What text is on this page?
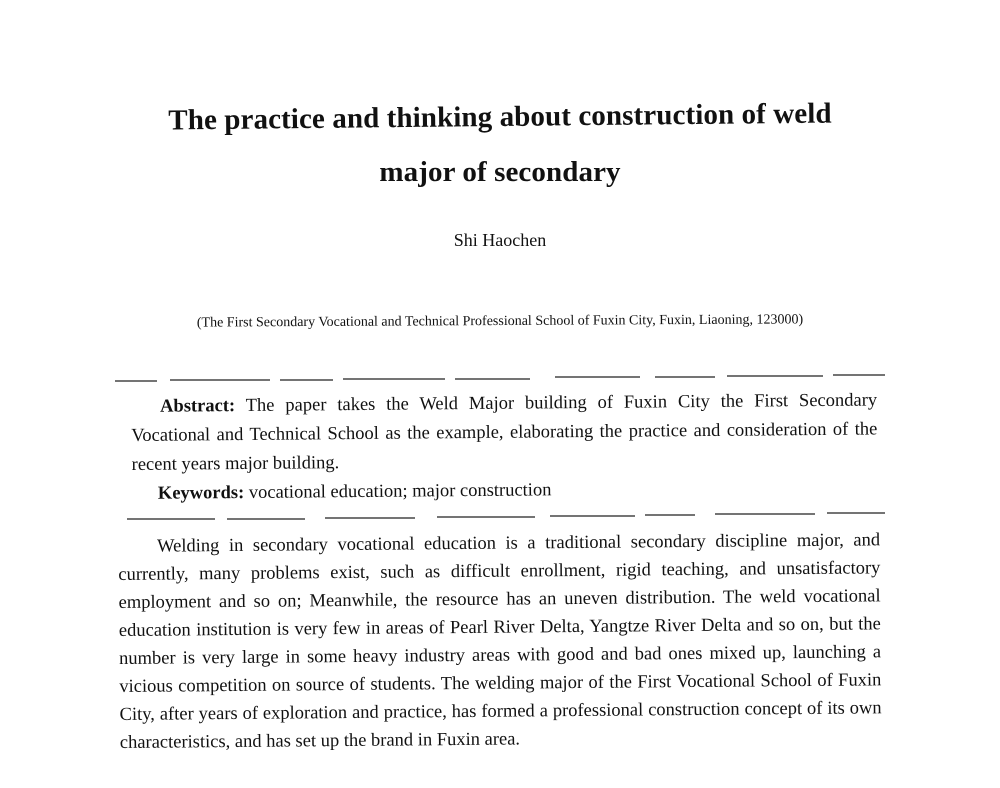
The practice and thinking about construction of weld
major of secondary
Shi Haochen
(The First Secondary Vocational and Technical Professional School of Fuxin City, Fuxin, Liaoning, 123000)

Abstract: The paper takes the Weld Major building of Fuxin City the First Secondary Vocational and Technical School as the example, elaborating the practice and consideration of the recent years major building.

Keywords: vocational education; major construction

Welding in secondary vocational education is a traditional secondary discipline major, and currently, many problems exist, such as difficult enrollment, rigid teaching, and unsatisfactory employment and so on; Meanwhile, the resource has an uneven distribution. The weld vocational education institution is very few in areas of Pearl River Delta, Yangtze River Delta and so on, but the number is very large in some heavy industry areas with good and bad ones mixed up, launching a vicious competition on source of students. The welding major of the First Vocational School of Fuxin City, after years of exploration and practice, has formed a professional construction concept of its own characteristics, and has set up the brand in Fuxin area.
